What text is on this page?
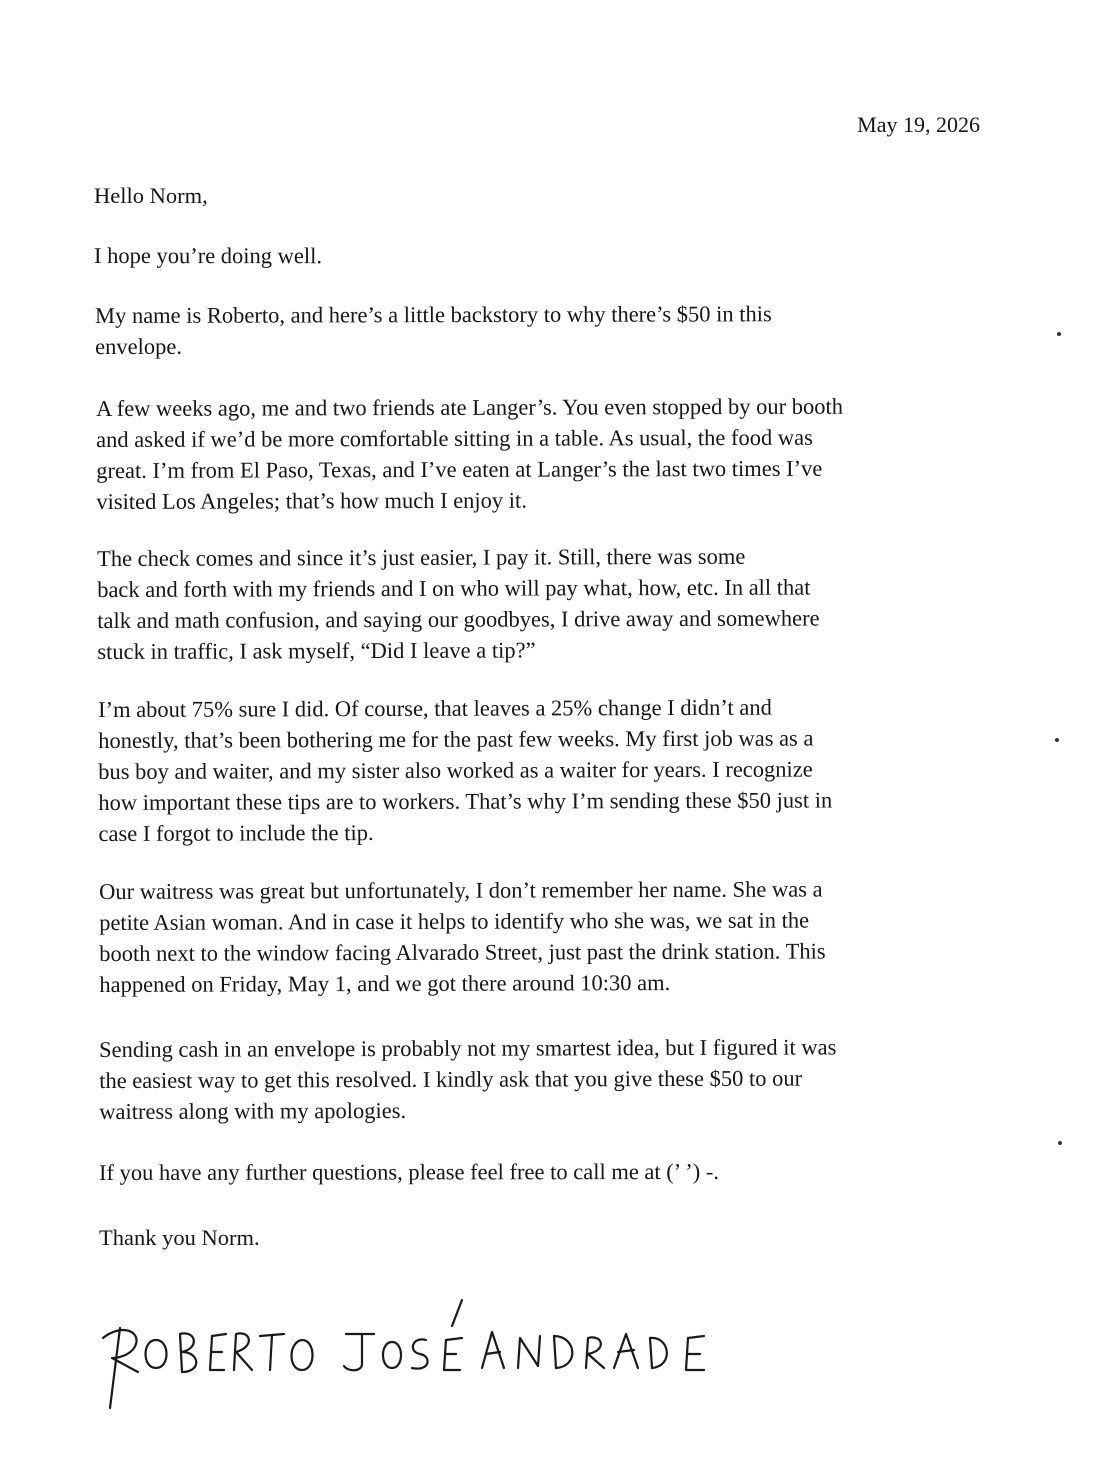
May 19, 2026

Hello Norm,

I hope you’re doing well.

My name is Roberto, and here’s a little backstory to why there’s $50 in this
envelope.

A few weeks ago, me and two friends ate Langer’s. You even stopped by our booth
and asked if we’d be more comfortable sitting in a table. As usual, the food was
great. I’m from El Paso, Texas, and I’ve eaten at Langer’s the last two times I’ve
visited Los Angeles; that’s how much I enjoy it.

The check comes and since it’s just easier, I pay it. Still, there was some
back and forth with my friends and I on who will pay what, how, etc. In all that
talk and math confusion, and saying our goodbyes, I drive away and somewhere
stuck in traffic, I ask myself, “Did I leave a tip?”

I’m about 75% sure I did. Of course, that leaves a 25% change I didn’t and
honestly, that’s been bothering me for the past few weeks. My first job was as a
bus boy and waiter, and my sister also worked as a waiter for years. I recognize
how important these tips are to workers. That’s why I’m sending these $50 just in
case I forgot to include the tip.

Our waitress was great but unfortunately, I don’t remember her name. She was a
petite Asian woman. And in case it helps to identify who she was, we sat in the
booth next to the window facing Alvarado Street, just past the drink station. This
happened on Friday, May 1, and we got there around 10:30 am.

Sending cash in an envelope is probably not my smartest idea, but I figured it was
the easiest way to get this resolved. I kindly ask that you give these $50 to our
waitress along with my apologies.

If you have any further questions, please feel free to call me at (’ ’) -.

Thank you Norm.
